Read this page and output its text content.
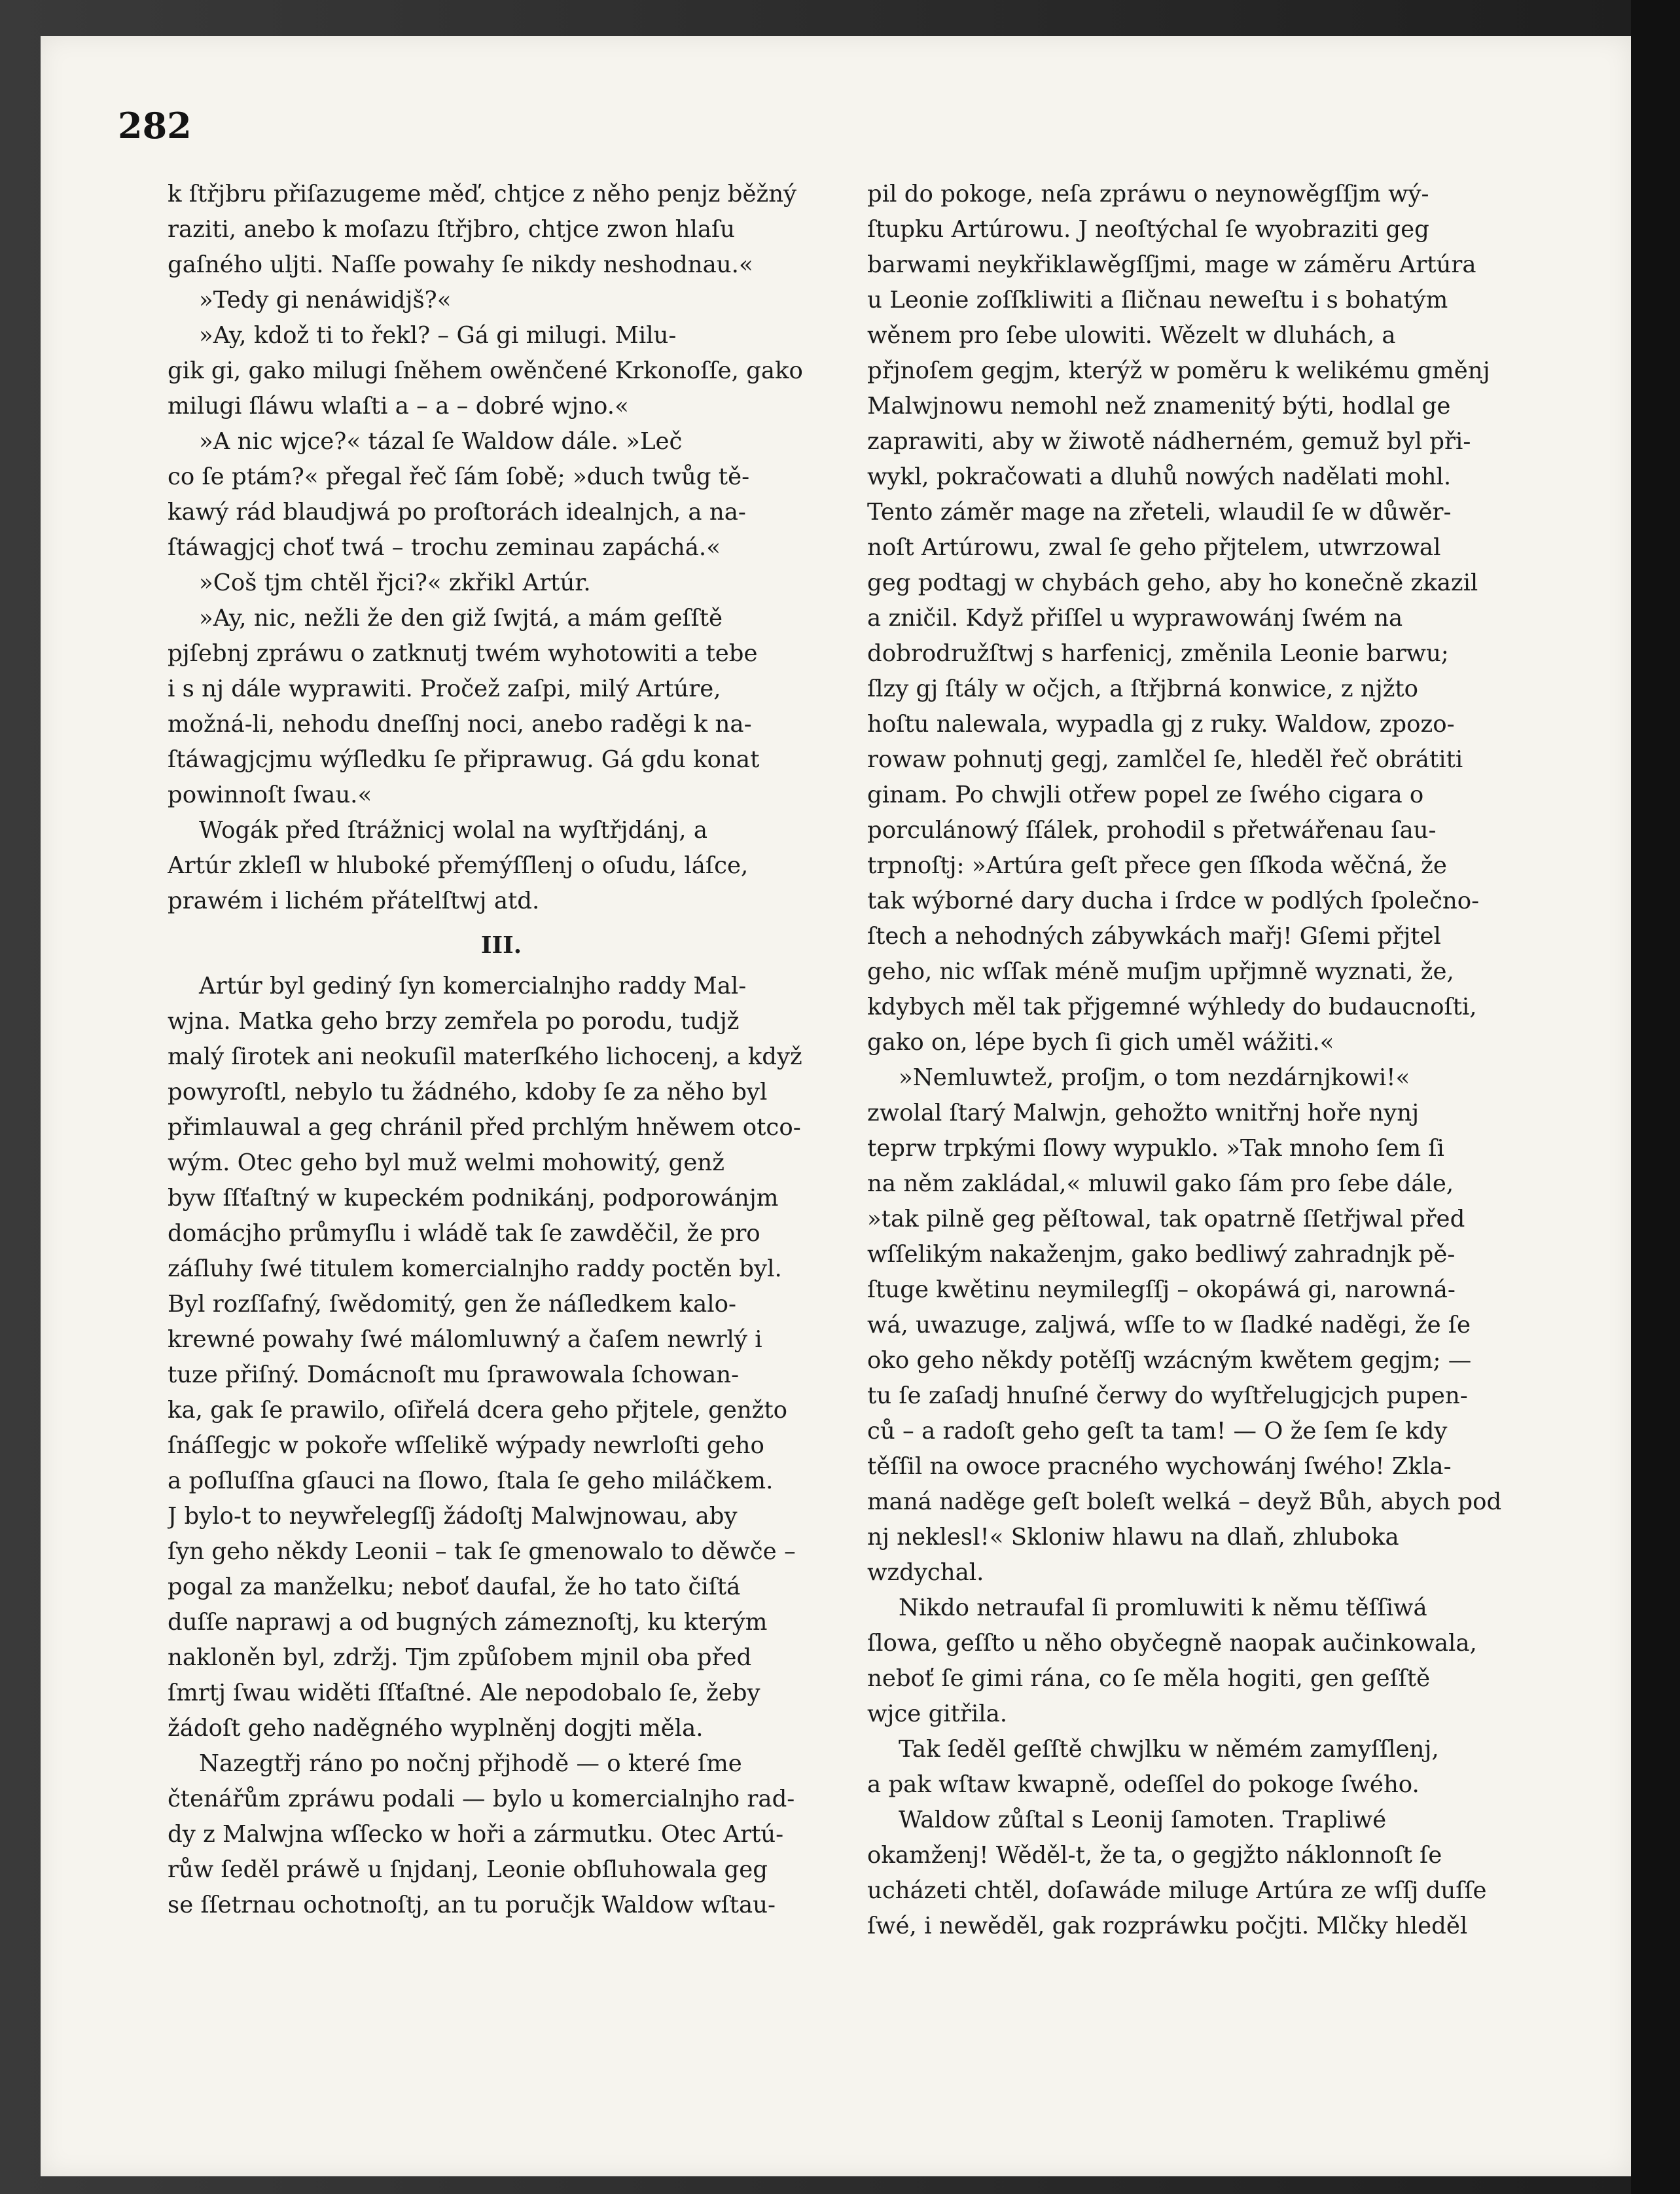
282
k ſtřjbru přiſazugeme měď, chtjce z něho penjz běžný
raziti, anebo k moſazu ſtřjbro, chtjce zwon hlaſu
gaſnéhо uljti. Naſſe powahy ſe nikdy neshodnau.«
»Tedy gi nenáwidjš?«
»Ay, kdož ti to řekl? – Gá gi milugi. Milu-
gik gi, gako milugi ſněhem owěnčené Krkonoſſe, gako
milugi ſláwu wlaſti a – a – dobré wjno.«
»A nic wjce?« tázal ſe Waldow dále. »Leč
co ſe ptám?« přegal řeč ſám ſobě; »duch twůg tě-
kawý rád blaudjwá po proſtorách idealnjch, a na-
ſtáwagjcj choť twá – trochu zeminau zapáchá.«
»Coš tjm chtěl řjci?« zkřikl Artúr.
»Ay, nic, nežli že den giž ſwjtá, a mám geſſtě
pjſebnj zpráwu o zatknutj twém wyhotowiti a tebe
i s nj dále wyprawiti. Pročež zaſpi, milý Artúre,
možná-li, nehodu dneſſnj noci, anebo raděgi k na-
ſtáwagjcjmu wýſledku ſe připrawug. Gá gdu konat
powinnoſt ſwau.«
Wogák před ſtrážnicj wolal na wyſtřjdánj, a
Artúr zkleſl w hluboké přemýſſlenj o oſudu, láſce,
prawém i lichém přátelſtwj atd.
III.
Artúr byl gediný ſyn komercialnjho raddy Mal-
wjna. Matka geho brzy zemřela po porodu, tudjž
malý ſirotek ani neokuſil materſkého lichocenj, a když
powyroſtl, nebylo tu žádného, kdoby ſe za něho byl
přimlauwal a geg chránil před prchlým hněwem otco-
wým. Otec geho byl muž welmi mohowitý, genž
byw ſſťaſtný w kupeckém podnikánj, podporowánjm
domácjho průmyſlu i wládě tak ſe zawděčil, že pro
záſluhy ſwé titulem komercialnjho raddy poctěn byl.
Byl rozſſafný, ſwědomitý, gen že náſledkem kalo-
krewné powahy ſwé málomluwný a čaſem newrlý i
tuze přiſný. Domácnoſt mu ſprawowala ſchowan-
ka, gak ſe prawilo, oſiřelá dcera geho přjtele, genžto
ſnáſſegjc w pokoře wſſelikě wýpady newrloſti geho
a poſluſſna gſauci na ſlowo, ſtala ſe geho miláčkem.
J bylo‑t to neywřelegſſj žádoſtj Malwjnowau, aby
ſyn geho někdy Leonii – tak ſe gmenowalo to děwče –
pogal za manželku; neboť daufal, že ho tato čiſtá
duſſe naprawj a od bugných zámeznoſtj, ku kterým
nakloněn byl, zdržj. Tjm způſobem mjnil oba před
ſmrtj ſwau widěti ſſťaſtné. Ale nepodobalo ſe, žeby
žádoſt geho naděgného wyplněnj dogjti měla.
Nazegtřj ráno po nočnj přjhodě — o které ſme
čtenářům zpráwu podali — bylo u komercialnjho rad-
dy z Malwjna wſſecko w hoři a zármutku. Otec Artú-
růw ſeděl práwě u ſnjdanj, Leonie obſluhowala geg
se ſſetrnau ochotnoſtj, an tu poručjk Waldow wſtau-
pil do pokoge, neſa zpráwu o neynowěgſſjm wý-
ſtupku Artúrowu. J neoſtýchal ſe wyobraziti geg
barwami neykřiklawěgſſjmi, mage w záměru Artúra
u Leonie zoſſkliwiti a ſličnau neweſtu i s bohatým
wěnem pro ſebe ulowiti. Wězelt w dluhách, a
přjnoſem gegjm, kterýž w poměru k welikému gměnj
Malwjnowu nemohl než znamenitý býti, hodlal ge
zaprawiti, aby w žiwotě nádherném, gemuž byl při-
wykl, pokračowati a dluhů nowých nadělati mohl.
Tento záměr mage na zřeteli, wlaudil ſe w důwěr-
noſt Artúrowu, zwal ſe geho přjtelem, utwrzowal
geg podtagj w chybách geho, aby ho konečně zkazil
a zničil. Když přiſſel u wyprawowánj ſwém na
dobrodružſtwj s harfenicj, změnila Leonie barwu;
ſlzy gj ſtály w očjch, a ſtřjbrná konwice, z njžto
hoſtu nalewala, wypadla gj z ruky. Waldow, zpozo-
rowaw pohnutj gegj, zamlčel ſe, hleděl řeč obrátiti
ginam. Po chwjli otřew popel ze ſwého cigara o
porculánowý ſſálek, prohodil s přetwářenau ſau-
trpnoſtj: »Artúra geſt přece gen ſſkoda wěčná, že
tak wýborné dary ducha i ſrdce w podlých ſpolečno-
ſtech a nehodných zábywkách mařj! Gſemi přjtel
geho, nic wſſak méně muſjm upřjmně wyznati, že,
kdybych měl tak přjgemné wýhledy do budaucnoſti,
gako on, lépe bych ſi gich uměl wážiti.«
»Nemluwtež, proſjm, o tom nezdárnjkowi!«
zwolal ſtarý Malwjn, gehožto wnitřnj hoře nynj
teprw trpkými ſlowy wypuklo. »Tak mnoho ſem ſi
na něm zakládal,« mluwil gako ſám pro ſebe dále,
»tak pilně geg pěſtowal, tak opatrně ſſetřjwal před
wſſelikým nakaženjm, gako bedliwý zahradnjk pě-
ſtuge kwětinu neymilegſſj – okopáwá gi, narowná-
wá, uwazuge, zaljwá, wſſe to w ſladké naděgi, že ſe
oko geho někdy potěſſj wzácným kwětem gegjm; —
tu ſe zaſadj hnuſné čerwy do wyſtřelugjcjch pupen-
ců – a radoſt geho geſt ta tam! — O že ſem ſe kdy
těſſil na owoce pracného wychowánj ſwého! Zkla-
maná naděge geſt boleſt welká – deyž Bůh, abych pod
nj neklesl!« Skloniw hlawu na dlaň, zhluboka
wzdychal.
Nikdo netraufal ſi promluwiti k němu těſſiwá
ſlowa, geſſto u něho obyčegně naopak aučinkowala,
neboť ſe gimi rána, co ſe měla hogiti, gen geſſtě
wjce gitřila.
Tak ſeděl geſſtě chwjlku w němém zamyſſlenj,
a pak wſtaw kwapně, odeſſel do pokoge ſwého.
Waldow zůſtal s Leonij ſamoten. Trapliwé
okamženj! Wěděl‑t, že ta, o gegjžto náklonnoſt ſe
ucházeti chtěl, doſawáde miluge Artúra ze wſſj duſſe
ſwé, i newěděl, gak rozpráwku počjti. Mlčky hleděl
